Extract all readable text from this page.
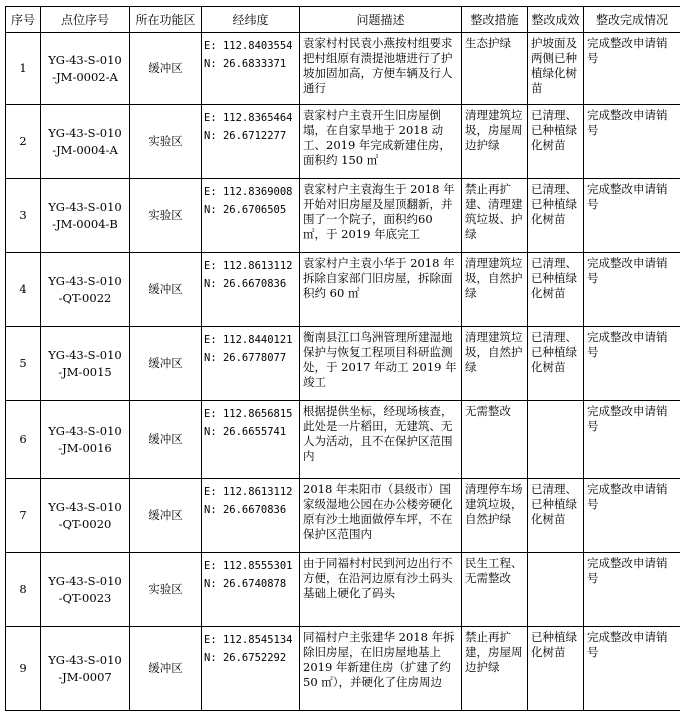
序号	点位序号	所在功能区	经纬度	问题描述	整改措施	整改成效	整改完成情况
1	YG-43-S-010
-JM-0002-A	缓冲区	E: 112.8403554
N: 26.6833371	袁家村村民袁小燕按村组要求把村组原有溃提池塘进行了护坡加固加高，方便车辆及行人通行	生态护绿	护坡面及两侧已种植绿化树苗	完成整改申请销号
2	YG-43-S-010
-JM-0004-A	实验区	E: 112.8365464
N: 26.6712277	袁家村户主袁开生旧房屋倒塌，在自家旱地于 2018 动工、2019 年完成新建住房，面积约 150 ㎡	清理建筑垃圾，房屋周边护绿	已清理、已种植绿化树苗	完成整改申请销号
3	YG-43-S-010
-JM-0004-B	实验区	E: 112.8369008
N: 26.6706505	袁家村户主袁海生于 2018 年开始对旧房屋及屋顶翻新，并围了一个院子，面积约60 ㎡，于 2019 年底完工	禁止再扩建、清理建筑垃圾、护绿	已清理、已种植绿化树苗	完成整改申请销号
4	YG-43-S-010
-QT-0022	缓冲区	E: 112.8613112
N: 26.6670836	袁家村户主袁小华于 2018 年拆除自家部门旧房屋，拆除面积约 60 ㎡	清理建筑垃圾，自然护绿	已清理、已种植绿化树苗	完成整改申请销号
5	YG-43-S-010
-JM-0015	缓冲区	E: 112.8440121
N: 26.6778077	衡南县江口鸟洲管理所建湿地保护与恢复工程项目科研监测处，于 2017 年动工 2019 年竣工	清理建筑垃圾，自然护绿	已清理、已种植绿化树苗	完成整改申请销号
6	YG-43-S-010
-JM-0016	缓冲区	E: 112.8656815
N: 26.6655741	根据提供坐标，经现场核查，此处是一片稻田，无建筑、无人为活动，且不在保护区范围内	无需整改		完成整改申请销号
7	YG-43-S-010
-QT-0020	缓冲区	E: 112.8613112
N: 26.6670836	2018 年耒阳市（县级市）国家级湿地公园在办公楼旁硬化原有沙土地面做停车坪，不在保护区范围内	清理停车场建筑垃圾，自然护绿	已清理、已种植绿化树苗	完成整改申请销号
8	YG-43-S-010
-QT-0023	实验区	E: 112.8555301
N: 26.6740878	由于同福村村民到河边出行不方便，在沿河边原有沙土码头基础上硬化了码头	民生工程、无需整改		完成整改申请销号
9	YG-43-S-010
-JM-0007	缓冲区	E: 112.8545134
N: 26.6752292	同福村户主张建华 2018 年拆除旧房屋，在旧房屋地基上 2019 年新建住房（扩建了约 50 ㎡），并硬化了住房周边	禁止再扩建，房屋周边护绿	已种植绿化树苗	完成整改申请销号
